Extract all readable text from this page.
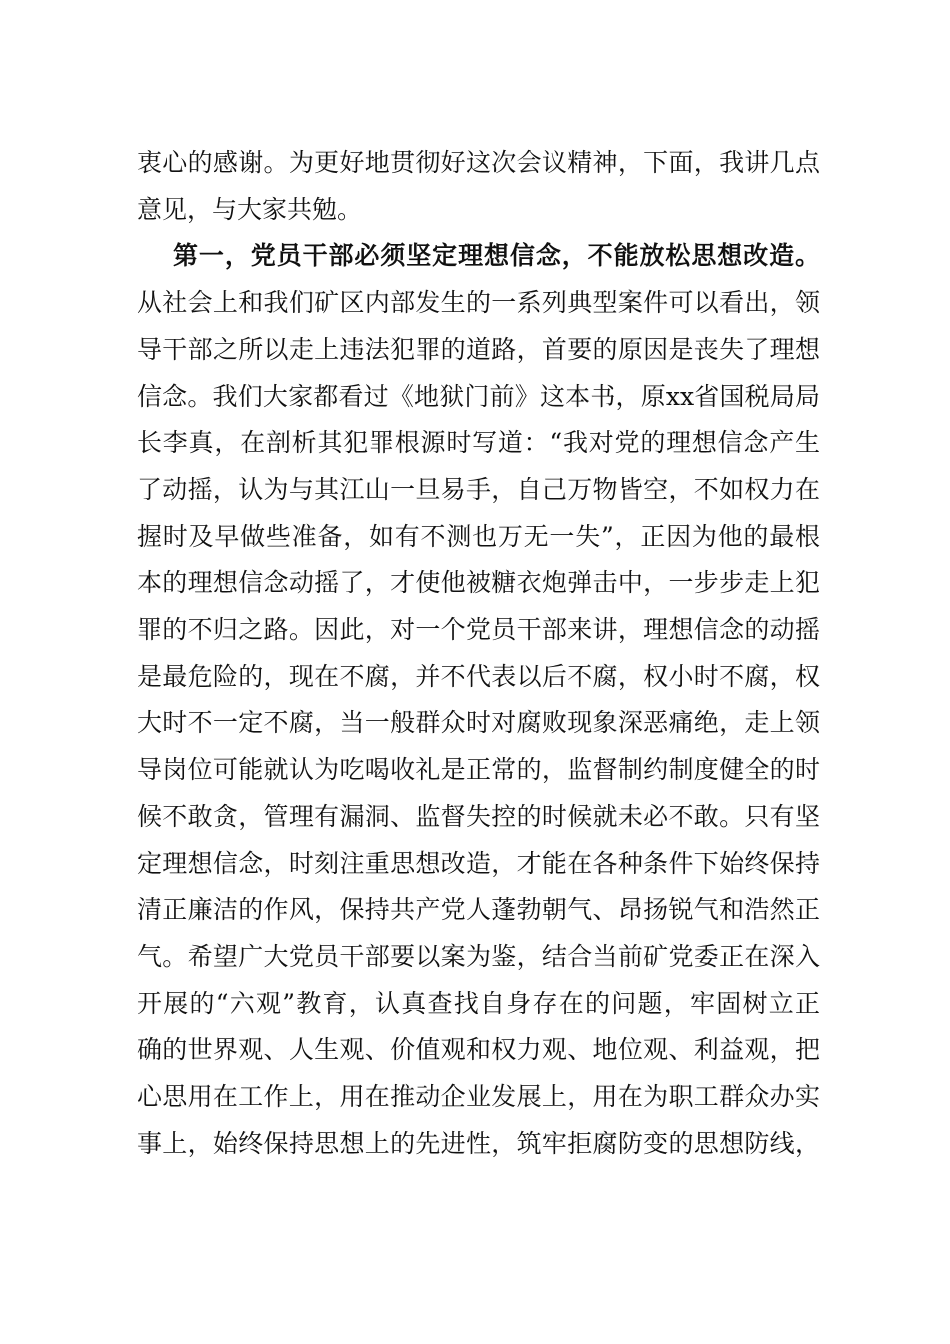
衷心的感谢。为更好地贯彻好这次会议精神，下面，我讲几点
意见，与大家共勉。
第一，党员干部必须坚定理想信念，不能放松思想改造。
从社会上和我们矿区内部发生的一系列典型案件可以看出，领
导干部之所以走上违法犯罪的道路，首要的原因是丧失了理想
信念。我们大家都看过《地狱门前》这本书，原xx省国税局局
长李真，在剖析其犯罪根源时写道：“我对党的理想信念产生
了动摇，认为与其江山一旦易手，自己万物皆空，不如权力在
握时及早做些准备，如有不测也万无一失”，正因为他的最根
本的理想信念动摇了，才使他被糖衣炮弹击中，一步步走上犯
罪的不归之路。因此，对一个党员干部来讲，理想信念的动摇
是最危险的，现在不腐，并不代表以后不腐，权小时不腐，权
大时不一定不腐，当一般群众时对腐败现象深恶痛绝，走上领
导岗位可能就认为吃喝收礼是正常的，监督制约制度健全的时
候不敢贪，管理有漏洞、监督失控的时候就未必不敢。只有坚
定理想信念，时刻注重思想改造，才能在各种条件下始终保持
清正廉洁的作风，保持共产党人蓬勃朝气、昂扬锐气和浩然正
气。希望广大党员干部要以案为鉴，结合当前矿党委正在深入
开展的“六观”教育，认真查找自身存在的问题，牢固树立正
确的世界观、人生观、价值观和权力观、地位观、利益观，把
心思用在工作上，用在推动企业发展上，用在为职工群众办实
事上，始终保持思想上的先进性，筑牢拒腐防变的思想防线，
